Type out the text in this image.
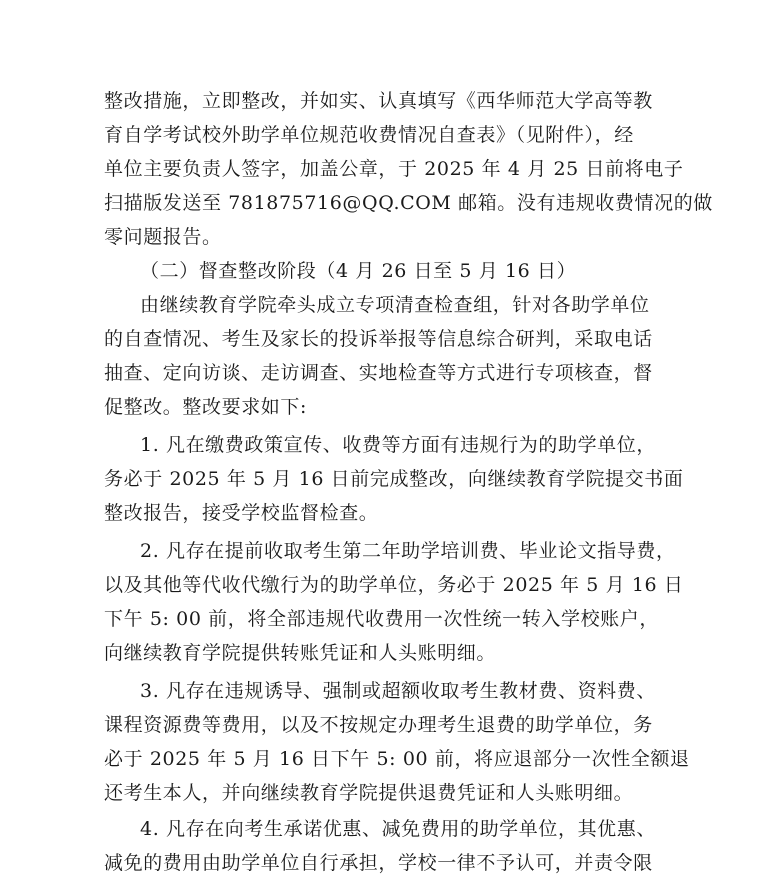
整改措施，立即整改，并如实、认真填写《西华师范大学高等教
育自学考试校外助学单位规范收费情况自查表》（见附件），经
单位主要负责人签字，加盖公章，于 2025 年 4 月 25 日前将电子
扫描版发送至 781875716@QQ.COM 邮箱。没有违规收费情况的做
零问题报告。
（二）督查整改阶段（4 月 26 日至 5 月 16 日）
由继续教育学院牵头成立专项清查检查组，针对各助学单位
的自查情况、考生及家长的投诉举报等信息综合研判，采取电话
抽查、定向访谈、走访调查、实地检查等方式进行专项核查，督
促整改。整改要求如下:
1. 凡在缴费政策宣传、收费等方面有违规行为的助学单位，
务必于 2025 年 5 月 16 日前完成整改，向继续教育学院提交书面
整改报告，接受学校监督检查。
2. 凡存在提前收取考生第二年助学培训费、毕业论文指导费，
以及其他等代收代缴行为的助学单位，务必于 2025 年 5 月 16 日
下午 5: 00 前，将全部违规代收费用一次性统一转入学校账户，
向继续教育学院提供转账凭证和人头账明细。
3. 凡存在违规诱导、强制或超额收取考生教材费、资料费、
课程资源费等费用，以及不按规定办理考生退费的助学单位，务
必于 2025 年 5 月 16 日下午 5: 00 前，将应退部分一次性全额退
还考生本人，并向继续教育学院提供退费凭证和人头账明细。
4. 凡存在向考生承诺优惠、减免费用的助学单位，其优惠、
减免的费用由助学单位自行承担，学校一律不予认可，并责令限
